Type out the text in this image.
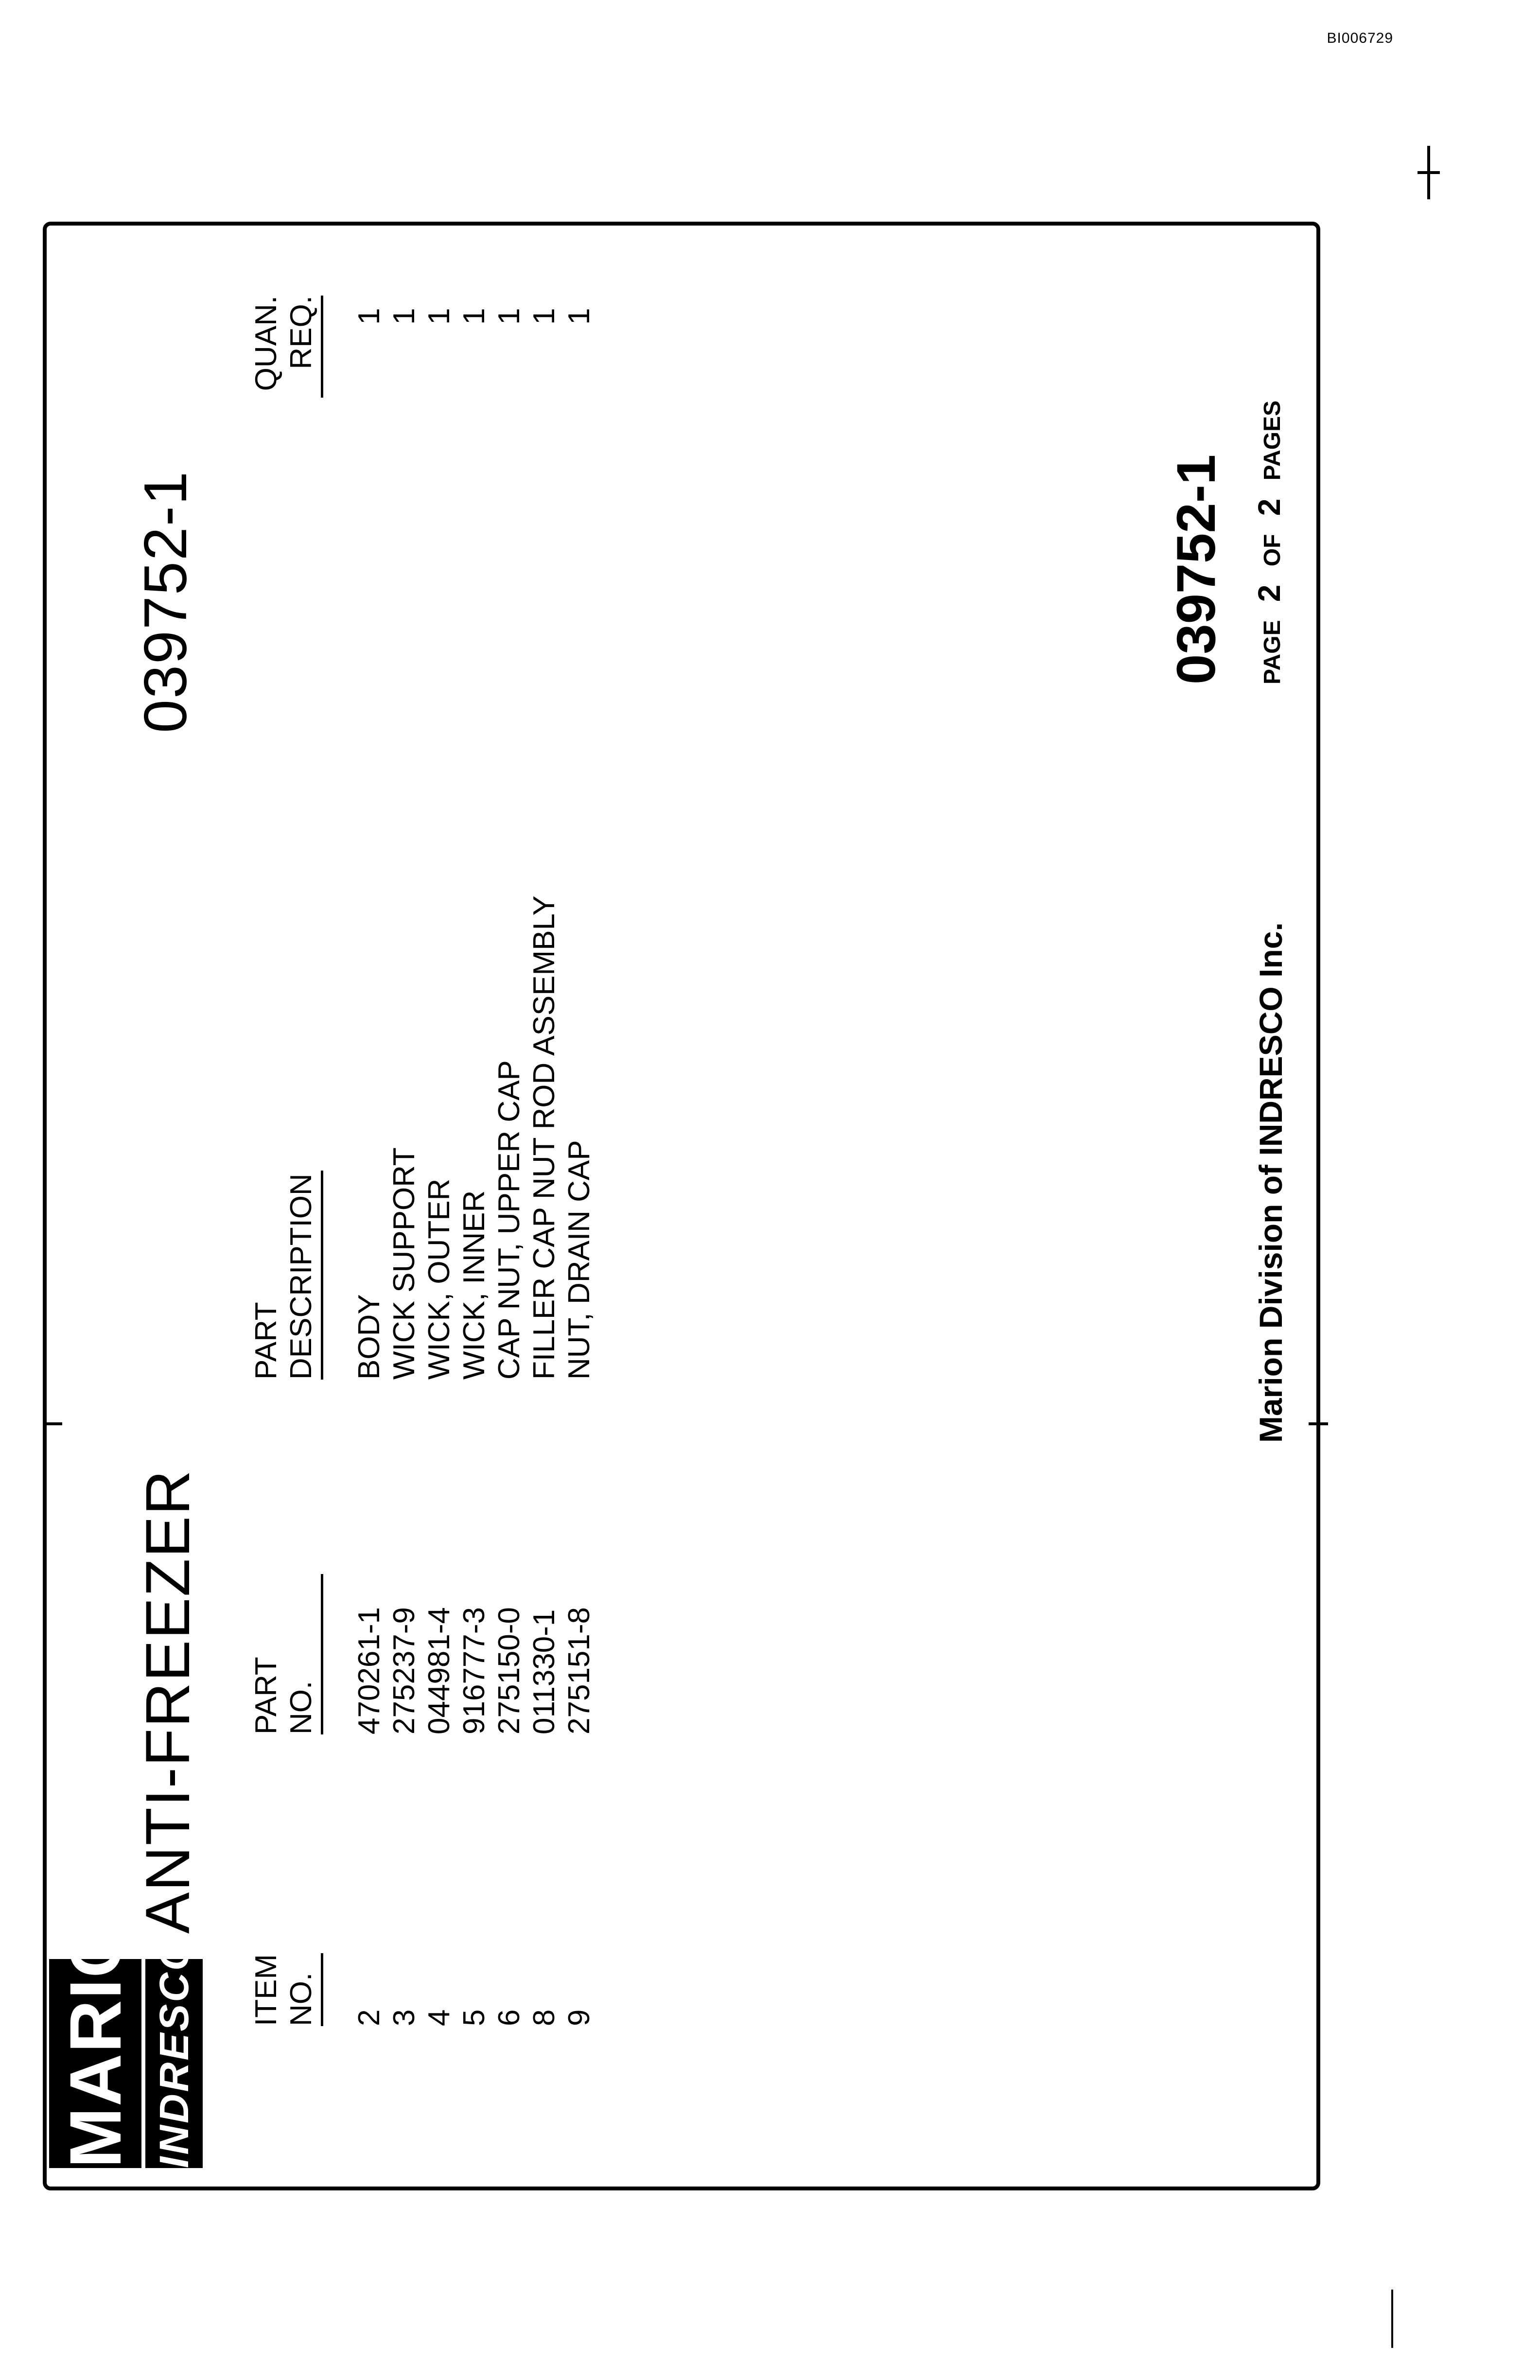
BI006729
MARION INDRESCO
ANTI-FREEZER
039752-1
ITEM NO.
PART NO.
PART DESCRIPTION
QUAN. REQ.
2
470261-1
BODY
1
3
275237-9
WICK SUPPORT
1
4
044981-4
WICK, OUTER
1
5
916777-3
WICK, INNER
1
6
275150-0
CAP NUT, UPPER CAP
1
8
011330-1
FILLER CAP NUT ROD ASSEMBLY
1
9
275151-8
NUT, DRAIN CAP
1
Marion Division of INDRESCO Inc.
039752-1	PAGE 2 OF 2 PAGES
